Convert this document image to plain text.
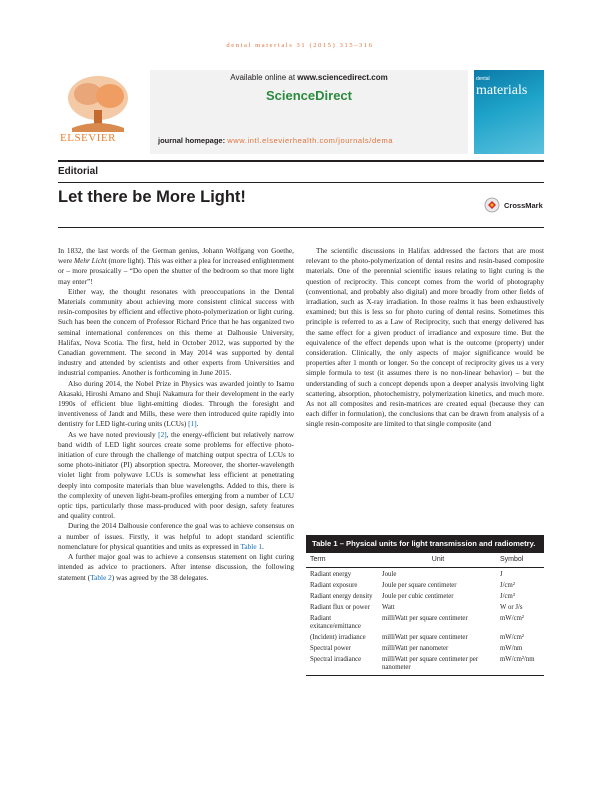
dental materials 31 (2015) 315–316
ELSEVIER
Available online at www.sciencedirect.com
ScienceDirect
journal homepage: www.intl.elsevierhealth.com/journals/dema
dental
materials
Editorial
Let there be More Light!	CrossMark

In 1832, the last words of the German genius, Johann Wolfgang von Goethe, were Mehr Licht (more light). This was either a plea for increased enlightenment or – more prosaically – “Do open the shutter of the bedroom so that more light may enter”!

Either way, the thought resonates with preoccupations in the Dental Materials community about achieving more consistent clinical success with resin-composites by efficient and effective photo-polymerization or light curing. Such has been the concern of Professor Richard Price that he has organized two seminal international conferences on this theme at Dalhousie University, Halifax, Nova Scotia. The first, held in October 2012, was supported by the Canadian government. The second in May 2014 was supported by dental industry and attended by scientists and other experts from Universities and industrial companies. Another is forthcoming in June 2015.

Also during 2014, the Nobel Prize in Physics was awarded jointly to Isamu Akasaki, Hiroshi Amano and Shuji Nakamura for their development in the early 1990s of efficient blue light-emitting diodes. Through the foresight and inventiveness of Jandt and Mills, these were then introduced quite rapidly into dentistry for LED light-curing units (LCUs) [1].

As we have noted previously [2], the energy-efficient but relatively narrow band width of LED light sources create some problems for effective photo-initiation of cure through the challenge of matching output spectra of LCUs to some photo-initiator (PI) absorption spectra. Moreover, the shorter-wavelength violet light from polywave LCUs is somewhat less efficient at penetrating deeply into composite materials than blue wavelengths. Added to this, there is the complexity of uneven light-beam-profiles emerging from a number of LCU optic tips, particularly those mass-produced with poor design, safety features and quality control.

During the 2014 Dalhousie conference the goal was to achieve consensus on a number of issues. Firstly, it was helpful to adopt standard scientific nomenclature for physical quantities and units as expressed in Table 1.

A further major goal was to achieve a consensus statement on light curing intended as advice to practioners. After intense discussion, the following statement (Table 2) was agreed by the 38 delegates.

The scientific discussions in Halifax addressed the factors that are most relevant to the photo-polymerization of dental resins and resin-based composite materials. One of the perennial scientific issues relating to light curing is the question of reciprocity. This concept comes from the world of photography (conventional, and probably also digital) and more broadly from other fields of irradiation, such as X-ray irradiation. In those realms it has been exhaustively examined; but this is less so for photo curing of dental resins. Sometimes this principle is referred to as a Law of Reciprocity, such that energy delivered has the same effect for a given product of irradiance and exposure time. But the equivalence of the effect depends upon what is the outcome (property) under consideration. Clinically, the only aspects of major significance would be properties after 1 month or longer. So the concept of reciprocity gives us a very simple formula to test (it assumes there is no non-linear behavior) – but the understanding of such a concept depends upon a deeper analysis involving light scattering, absorption, photochemistry, polymerization kinetics, and much more. As not all composites and resin-matrices are created equal (because they can each differ in formulation), the conclusions that can be drawn from analysis of a single resin-composite are limited to that single composite (and

Table 1 – Physical units for light transmission and radiometry.
Term	Unit	Symbol
Radiant energy	Joule	J
Radiant exposure	Joule per square centimeter	J/cm²
Radiant energy density	Joule per cubic centimeter	J/cm³
Radiant flux or power	Watt	W or J/s
Radiant exitance/emittance	milliWatt per square centimeter	mW/cm²
(Incident) irradiance	milliWatt per square centimeter	mW/cm²
Spectral power	milliWatt per nanometer	mW/nm
Spectral irradiance	milliWatt per square centimeter per nanometer	mW/cm²/nm
